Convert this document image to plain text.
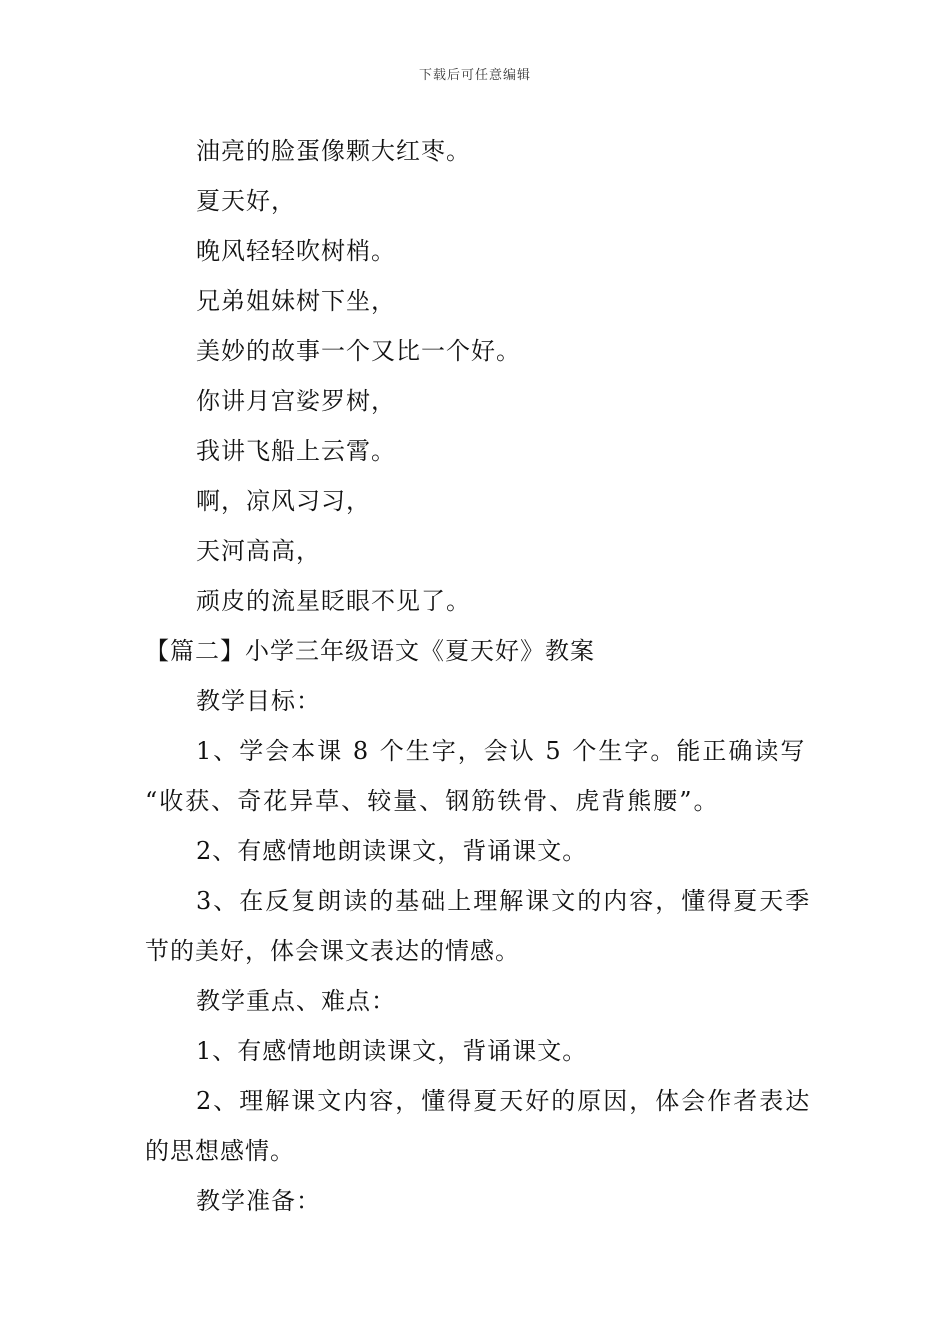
下载后可任意编辑
油亮的脸蛋像颗大红枣。
夏天好，
晚风轻轻吹树梢。
兄弟姐妹树下坐，
美妙的故事一个又比一个好。
你讲月宫娑罗树，
我讲飞船上云霄。
啊，凉风习习，
天河高高，
顽皮的流星眨眼不见了。
【篇二】小学三年级语文《夏天好》教案
教学目标：
1、学会本课 8 个生字，会认 5 个生字。能正确读写
“收获、奇花异草、较量、钢筋铁骨、虎背熊腰”。
2、有感情地朗读课文，背诵课文。
3、在反复朗读的基础上理解课文的内容，懂得夏天季
节的美好，体会课文表达的情感。
教学重点、难点：
1、有感情地朗读课文，背诵课文。
2、理解课文内容，懂得夏天好的原因，体会作者表达
的思想感情。
教学准备：
